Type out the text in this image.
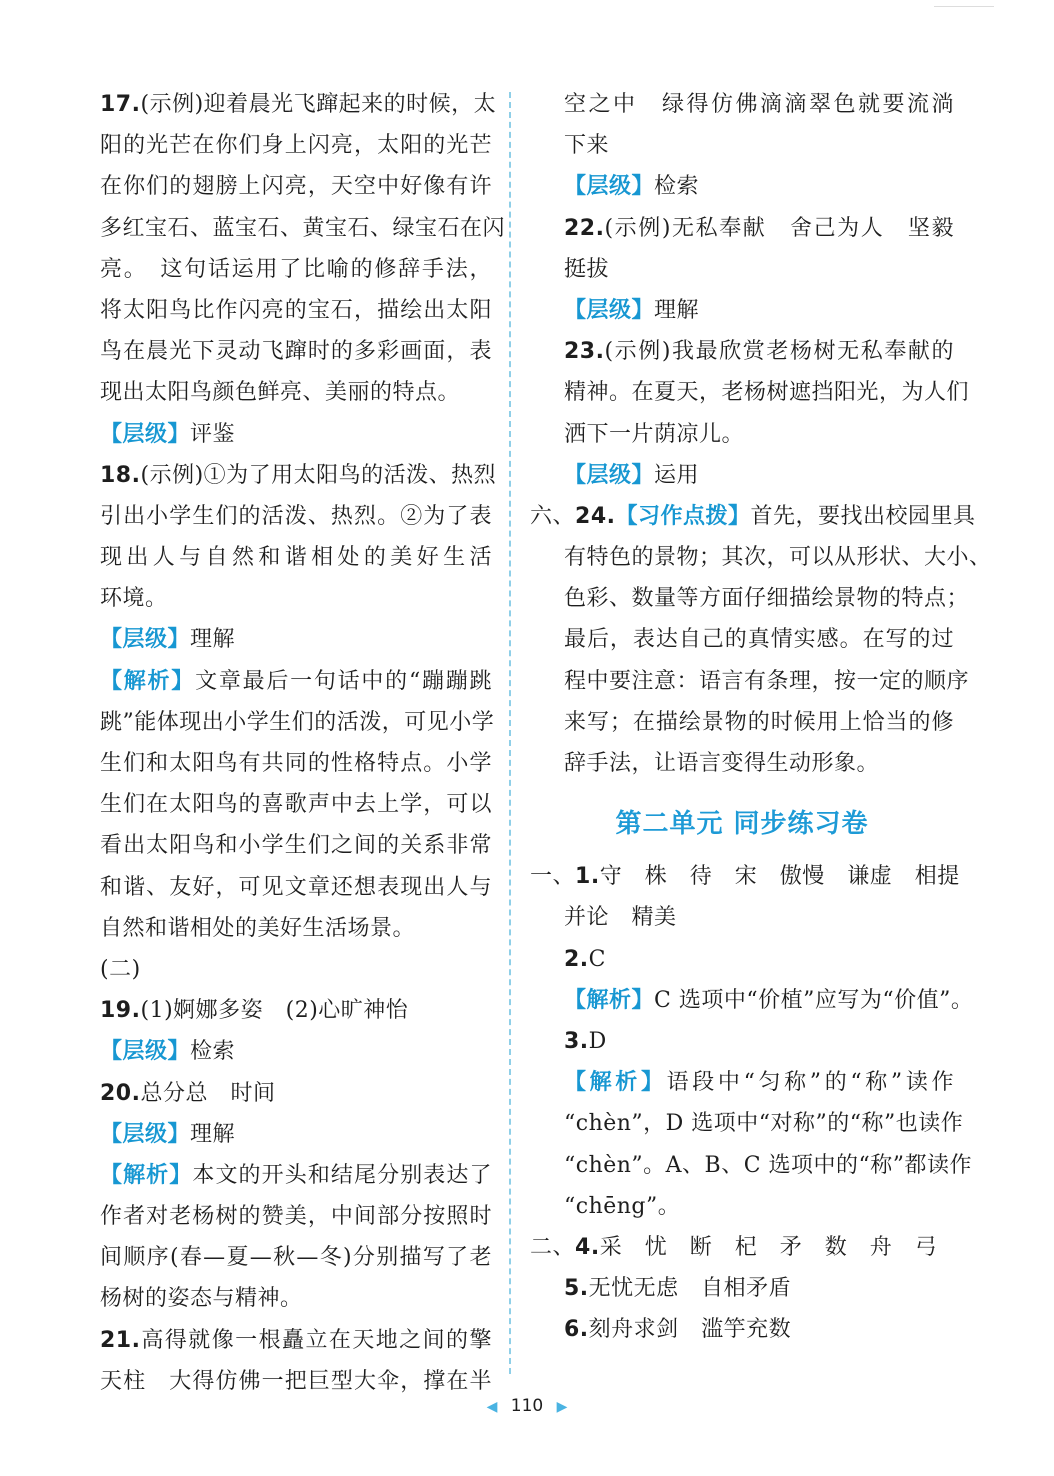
17.(示例)迎着晨光飞蹿起来的时候，太
阳的光芒在你们身上闪亮，太阳的光芒
在你们的翅膀上闪亮，天空中好像有许
多红宝石、蓝宝石、黄宝石、绿宝石在闪
亮。　这句话运用了比喻的修辞手法，
将太阳鸟比作闪亮的宝石，描绘出太阳
鸟在晨光下灵动飞蹿时的多彩画面，表
现出太阳鸟颜色鲜亮、美丽的特点。
【层级】评鉴
18.(示例)①为了用太阳鸟的活泼、热烈
引出小学生们的活泼、热烈。②为了表
现出人与自然和谐相处的美好生活
环境。
【层级】理解
【解析】文章最后一句话中的“蹦蹦跳
跳”能体现出小学生们的活泼，可见小学
生们和太阳鸟有共同的性格特点。小学
生们在太阳鸟的喜歌声中去上学，可以
看出太阳鸟和小学生们之间的关系非常
和谐、友好，可见文章还想表现出人与
自然和谐相处的美好生活场景。
(二)
19.(1)婀娜多姿　(2)心旷神怡
【层级】检索
20.总分总　时间
【层级】理解
【解析】本文的开头和结尾分别表达了
作者对老杨树的赞美，中间部分按照时
间顺序(春—夏—秋—冬)分别描写了老
杨树的姿态与精神。
21.高得就像一根矗立在天地之间的擎
天柱　大得仿佛一把巨型大伞，撑在半
空之中　绿得仿佛滴滴翠色就要流淌
下来
【层级】检索
22.(示例)无私奉献　舍己为人　坚毅
挺拔
【层级】理解
23.(示例)我最欣赏老杨树无私奉献的
精神。在夏天，老杨树遮挡阳光，为人们
洒下一片荫凉儿。
【层级】运用
六、24.【习作点拨】首先，要找出校园里具
有特色的景物；其次，可以从形状、大小、
色彩、数量等方面仔细描绘景物的特点；
最后，表达自己的真情实感。在写的过
程中要注意：语言有条理，按一定的顺序
来写；在描绘景物的时候用上恰当的修
辞手法，让语言变得生动形象。
第二单元 同步练习卷
一、1.守　株　待　宋　傲慢　谦虚　相提
并论　精美
2.C
【解析】C 选项中“价植”应写为“价值”。
3.D
【解析】语段中“匀称”的“称”读作
“chèn”，D 选项中“对称”的“称”也读作
“chèn”。A、B、C 选项中的“称”都读作
“chēng”。
二、4.采　忧　断　杞　矛　数　舟　弓
5.无忧无虑　自相矛盾
6.刻舟求剑　滥竽充数
◀ 110 ▶
